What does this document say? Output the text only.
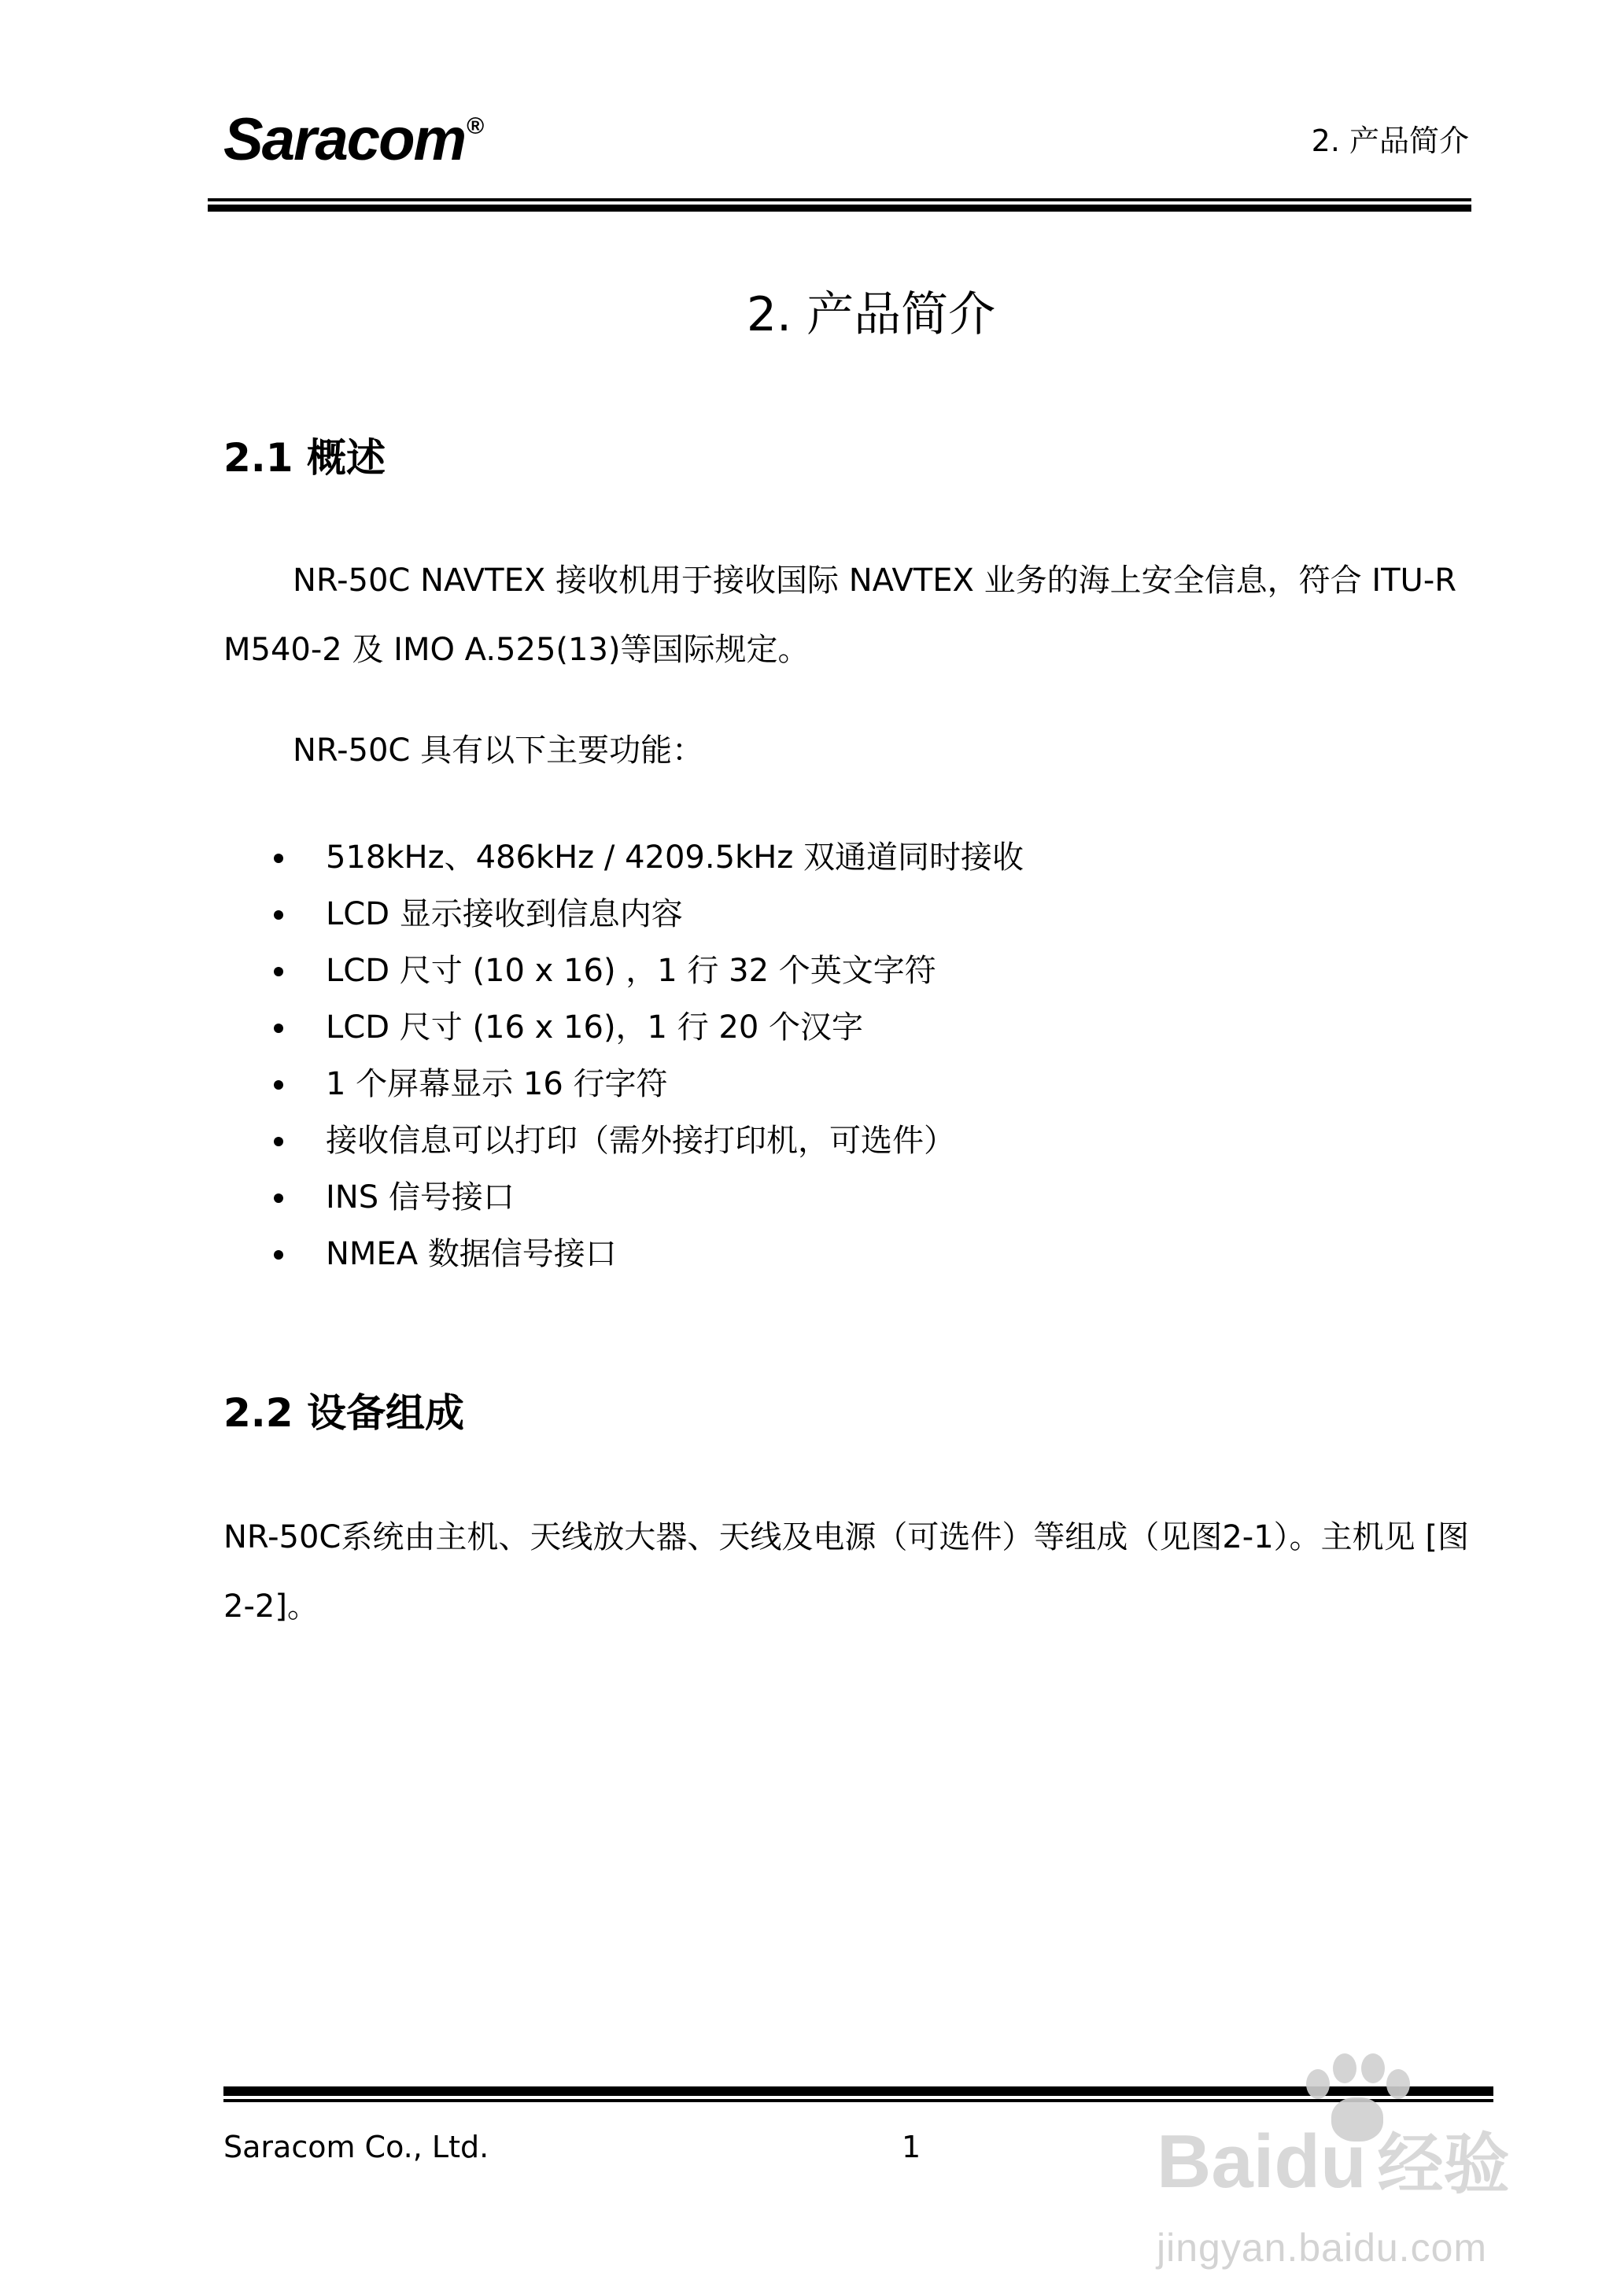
Saracom®	2. 产品简介
2. 产品简介
2.1 概述

NR-50C NAVTEX 接收机用于接收国际 NAVTEX 业务的海上安全信息，符合 ITU-R M540-2 及 IMO A.525(13)等国际规定。

NR-50C 具有以下主要功能：

518kHz、486kHz / 4209.5kHz 双通道同时接收
LCD 显示接收到信息内容
LCD 尺寸 (10 x 16) ，1 行 32 个英文字符
LCD 尺寸 (16 x 16)，1 行 20 个汉字
1 个屏幕显示 16 行字符
接收信息可以打印（需外接打印机，可选件）
INS 信号接口
NMEA 数据信号接口
2.2 设备组成

NR-50C系统由主机、天线放大器、天线及电源（可选件）等组成（见图2-1）。主机见 [图2-2]。

Saracom Co., Ltd.	1	Baidu 经验
jingyan.baidu.com
